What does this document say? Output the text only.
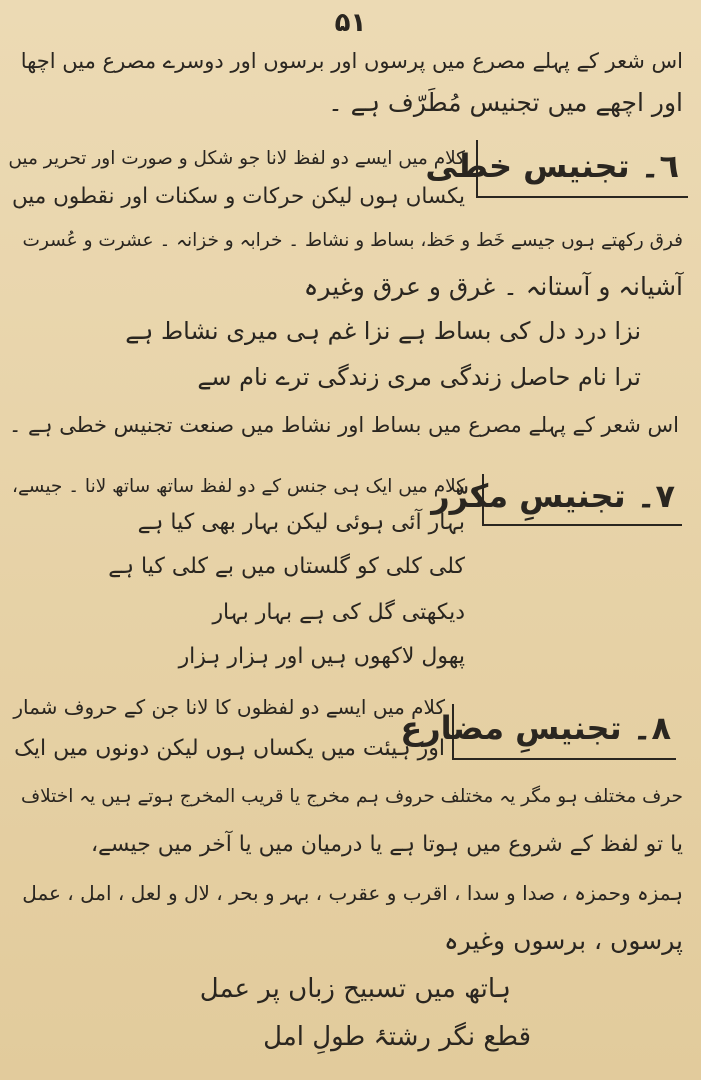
۵۱
اس شعر کے پہلے مصرع میں پرسوں اور برسوں اور دوسرے مصرع میں اچھا
اور اچھے میں تجنیس مُطَرّف ہے ۔
٦۔ تجنیس خطی
کلام میں ایسے دو لفظ لانا جو شکل و صورت اور تحریر میں
یکساں ہوں لیکن حرکات و سکنات اور نقطوں میں
فرق رکھتے ہوں جیسے خَط و حَظ، بساط و نشاط ۔ خرابہ و خزانہ ۔ عشرت و عُسرت
آشیانہ و آستانہ ۔ غرق و عرق وغیرہ
نزا درد دل کی بساط ہے نزا غم ہی میری نشاط ہے
ترا نام حاصل زندگی مری زندگی ترے نام سے
اس شعر کے پہلے مصرع میں بساط اور نشاط میں صنعت تجنیس خطی ہے ۔
٧۔ تجنیسِ مکرّر
کلام میں ایک ہی جنس کے دو لفظ ساتھ ساتھ لانا ۔ جیسے،
بہار آئی ہوئی لیکن بہار بھی کیا ہے
کلی کلی کو گلستاں میں بے کلی کیا ہے
دیکھتی گل کی ہے بہار بہار
پھول لاکھوں ہیں اور ہزار ہزار
٨۔ تجنیسِ مضارع
کلام میں ایسے دو لفظوں کا لانا جن کے حروف شمار
اور ہیئت میں یکساں ہوں لیکن دونوں میں ایک
حرف مختلف ہو مگر یہ مختلف حروف ہم مخرج یا قریب المخرج ہوتے ہیں یہ اختلاف
یا تو لفظ کے شروع میں ہوتا ہے یا درمیان میں یا آخر میں جیسے،
ہمزہ وحمزہ ، صدا و سدا ، اقرب و عقرب ، بہر و بحر ، لال و لعل ، امل ، عمل
پرسوں ، برسوں وغیرہ
ہاتھ میں تسبیح زباں پر عمل
قطع نگر رشتۂ طولِ امل
